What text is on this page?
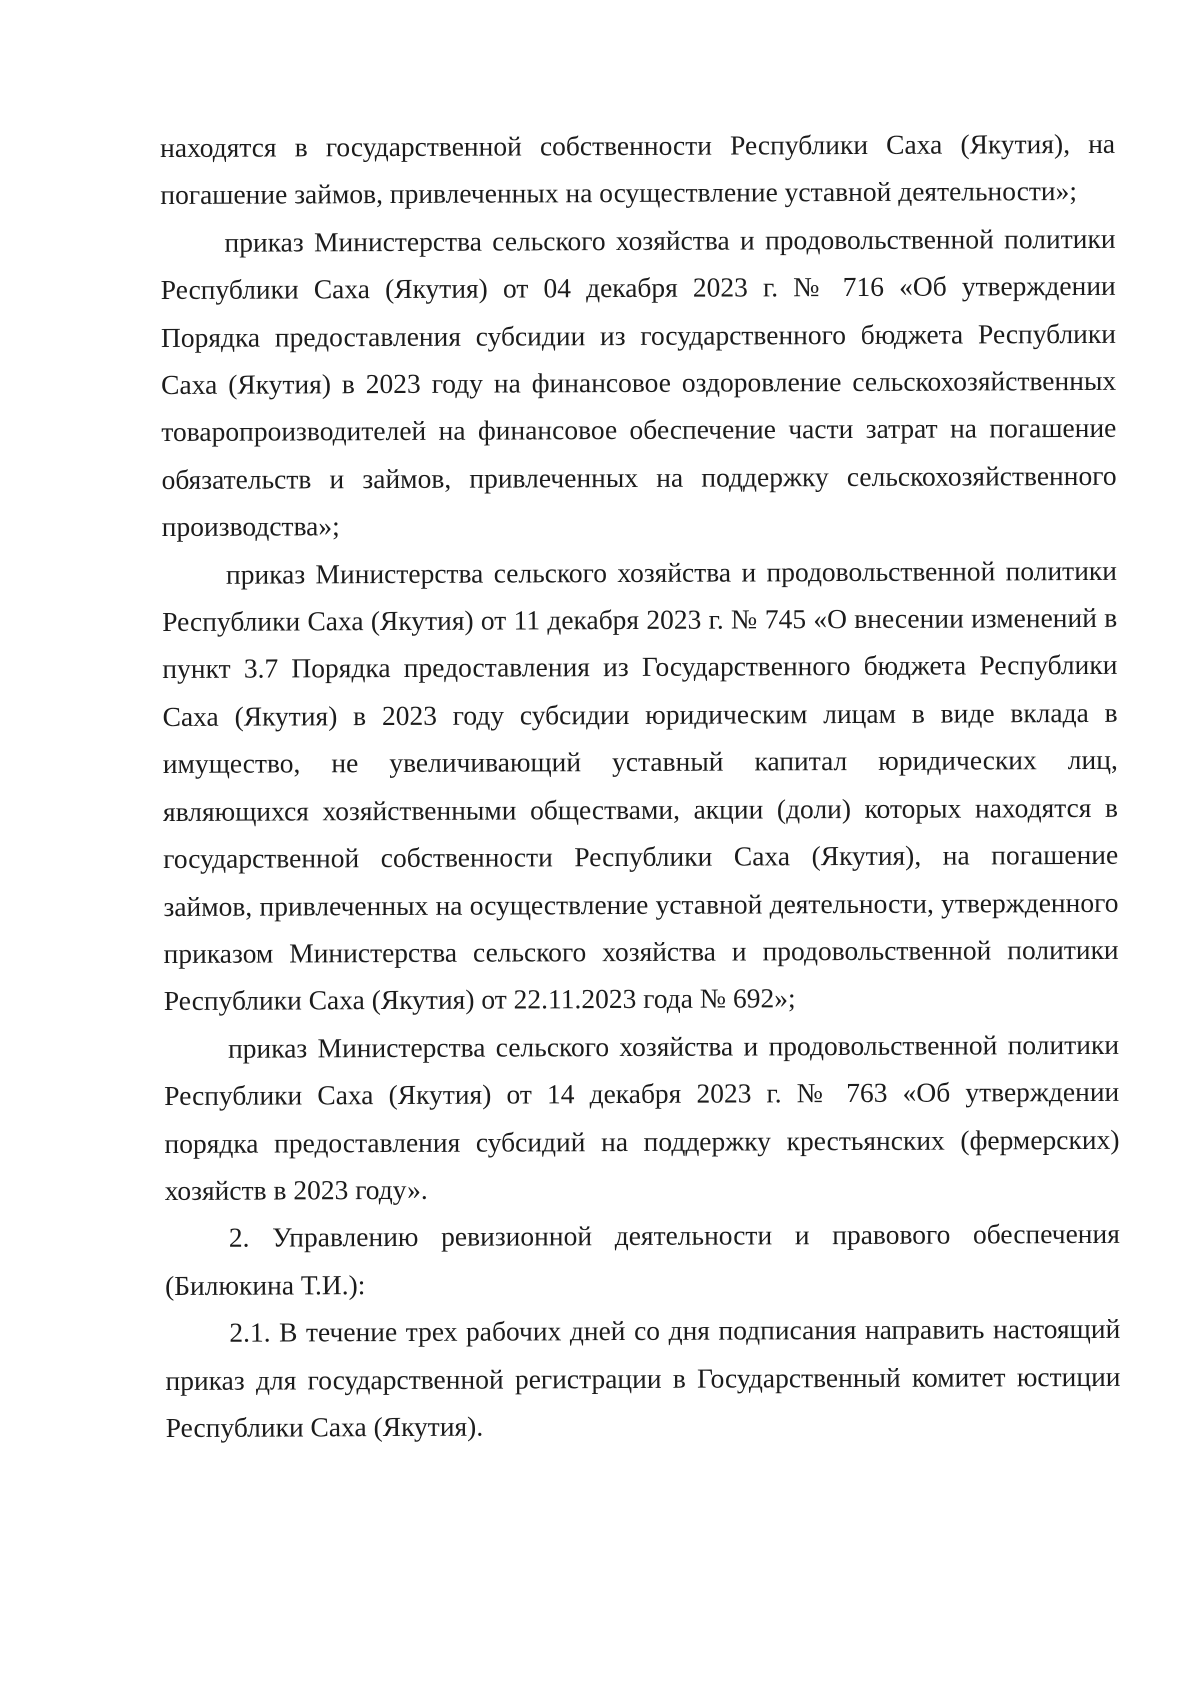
находятся в государственной собственности Республики Саха (Якутия), на погашение займов, привлеченных на осуществление уставной деятельности»;

приказ Министерства сельского хозяйства и продовольственной политики Республики Саха (Якутия) от 04 декабря 2023 г. № 716 «Об утверждении Порядка предоставления субсидии из государственного бюджета Республики Саха (Якутия) в 2023 году на финансовое оздоровление сельскохозяйственных товаропроизводителей на финансовое обеспечение части затрат на погашение обязательств и займов, привлеченных на поддержку сельскохозяйственного производства»;

приказ Министерства сельского хозяйства и продовольственной политики Республики Саха (Якутия) от 11 декабря 2023 г. № 745 «О внесении изменений в пункт 3.7 Порядка предоставления из Государственного бюджета Республики Саха (Якутия) в 2023 году субсидии юридическим лицам в виде вклада в имущество, не увеличивающий уставный капитал юридических лиц, являющихся хозяйственными обществами, акции (доли) которых находятся в государственной собственности Республики Саха (Якутия), на погашение займов, привлеченных на осуществление уставной деятельности, утвержденного приказом Министерства сельского хозяйства и продовольственной политики Республики Саха (Якутия) от 22.11.2023 года № 692»;

приказ Министерства сельского хозяйства и продовольственной политики Республики Саха (Якутия) от 14 декабря 2023 г. № 763 «Об утверждении порядка предоставления субсидий на поддержку крестьянских (фермерских) хозяйств в 2023 году».

2. Управлению ревизионной деятельности и правового обеспечения (Билюкина Т.И.):

2.1. В течение трех рабочих дней со дня подписания направить настоящий приказ для государственной регистрации в Государственный комитет юстиции Республики Саха (Якутия).
